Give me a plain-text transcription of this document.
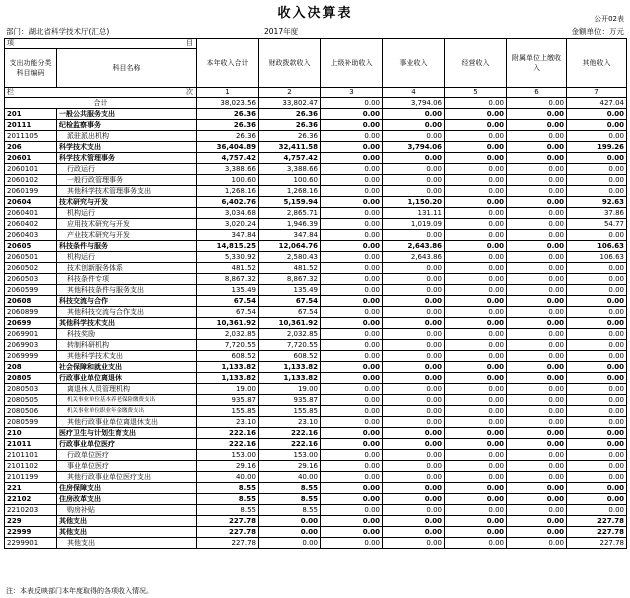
收入决算表	公开02表
部门：湖北省科学技术厅(汇总)	2017年度	金额单位：万元
项 目		本年收入合计	财政拨款收入	上级补助收入	事业收入	经营收入	附属单位上缴收入	其他收入
支出功能分类科目编码	科目名称							
栏 次		1	2	3	4	5	6	7
合计		38,023.56	33,802.47	0.00	3,794.06	0.00	0.00	427.04
201	一般公共服务支出	26.36	26.36	0.00	0.00	0.00	0.00	0.00
20111	纪检监察事务	26.36	26.36	0.00	0.00	0.00	0.00	0.00
2011105	派驻派出机构	26.36	26.36	0.00	0.00	0.00	0.00	0.00
206	科学技术支出	36,404.89	32,411.58	0.00	3,794.06	0.00	0.00	199.26
20601	科学技术管理事务	4,757.42	4,757.42	0.00	0.00	0.00	0.00	0.00
2060101	行政运行	3,388.66	3,388.66	0.00	0.00	0.00	0.00	0.00
2060102	一般行政管理事务	100.60	100.60	0.00	0.00	0.00	0.00	0.00
2060199	其他科学技术管理事务支出	1,268.16	1,268.16	0.00	0.00	0.00	0.00	0.00
20604	技术研究与开发	6,402.76	5,159.94	0.00	1,150.20	0.00	0.00	92.63
2060401	机构运行	3,034.68	2,865.71	0.00	131.11	0.00	0.00	37.86
2060402	应用技术研究与开发	3,020.24	1,946.39	0.00	1,019.09	0.00	0.00	54.77
2060403	产业技术研究与开发	347.84	347.84	0.00	0.00	0.00	0.00	0.00
20605	科技条件与服务	14,815.25	12,064.76	0.00	2,643.86	0.00	0.00	106.63
2060501	机构运行	5,330.92	2,580.43	0.00	2,643.86	0.00	0.00	106.63
2060502	技术创新服务体系	481.52	481.52	0.00	0.00	0.00	0.00	0.00
2060503	科技条件专项	8,867.32	8,867.32	0.00	0.00	0.00	0.00	0.00
2060599	其他科技条件与服务支出	135.49	135.49	0.00	0.00	0.00	0.00	0.00
20608	科技交流与合作	67.54	67.54	0.00	0.00	0.00	0.00	0.00
2060899	其他科技交流与合作支出	67.54	67.54	0.00	0.00	0.00	0.00	0.00
20699	其他科学技术支出	10,361.92	10,361.92	0.00	0.00	0.00	0.00	0.00
2069901	科技奖励	2,032.85	2,032.85	0.00	0.00	0.00	0.00	0.00
2069903	转制科研机构	7,720.55	7,720.55	0.00	0.00	0.00	0.00	0.00
2069999	其他科学技术支出	608.52	608.52	0.00	0.00	0.00	0.00	0.00
208	社会保障和就业支出	1,133.82	1,133.82	0.00	0.00	0.00	0.00	0.00
20805	行政事业单位离退休	1,133.82	1,133.82	0.00	0.00	0.00	0.00	0.00
2080503	离退休人员管理机构	19.00	19.00	0.00	0.00	0.00	0.00	0.00
2080505	机关事业单位基本养老保险缴费支出	935.87	935.87	0.00	0.00	0.00	0.00	0.00
2080506	机关事业单位职业年金缴费支出	155.85	155.85	0.00	0.00	0.00	0.00	0.00
2080599	其他行政事业单位离退休支出	23.10	23.10	0.00	0.00	0.00	0.00	0.00
210	医疗卫生与计划生育支出	222.16	222.16	0.00	0.00	0.00	0.00	0.00
21011	行政事业单位医疗	222.16	222.16	0.00	0.00	0.00	0.00	0.00
2101101	行政单位医疗	153.00	153.00	0.00	0.00	0.00	0.00	0.00
2101102	事业单位医疗	29.16	29.16	0.00	0.00	0.00	0.00	0.00
2101199	其他行政事业单位医疗支出	40.00	40.00	0.00	0.00	0.00	0.00	0.00
221	住房保障支出	8.55	8.55	0.00	0.00	0.00	0.00	0.00
22102	住房改革支出	8.55	8.55	0.00	0.00	0.00	0.00	0.00
2210203	购房补贴	8.55	8.55	0.00	0.00	0.00	0.00	0.00
229	其他支出	227.78	0.00	0.00	0.00	0.00	0.00	227.78
22999	其他支出	227.78	0.00	0.00	0.00	0.00	0.00	227.78
2299901	其他支出	227.78	0.00	0.00	0.00	0.00	0.00	227.78
注：本表反映部门本年度取得的各项收入情况。
